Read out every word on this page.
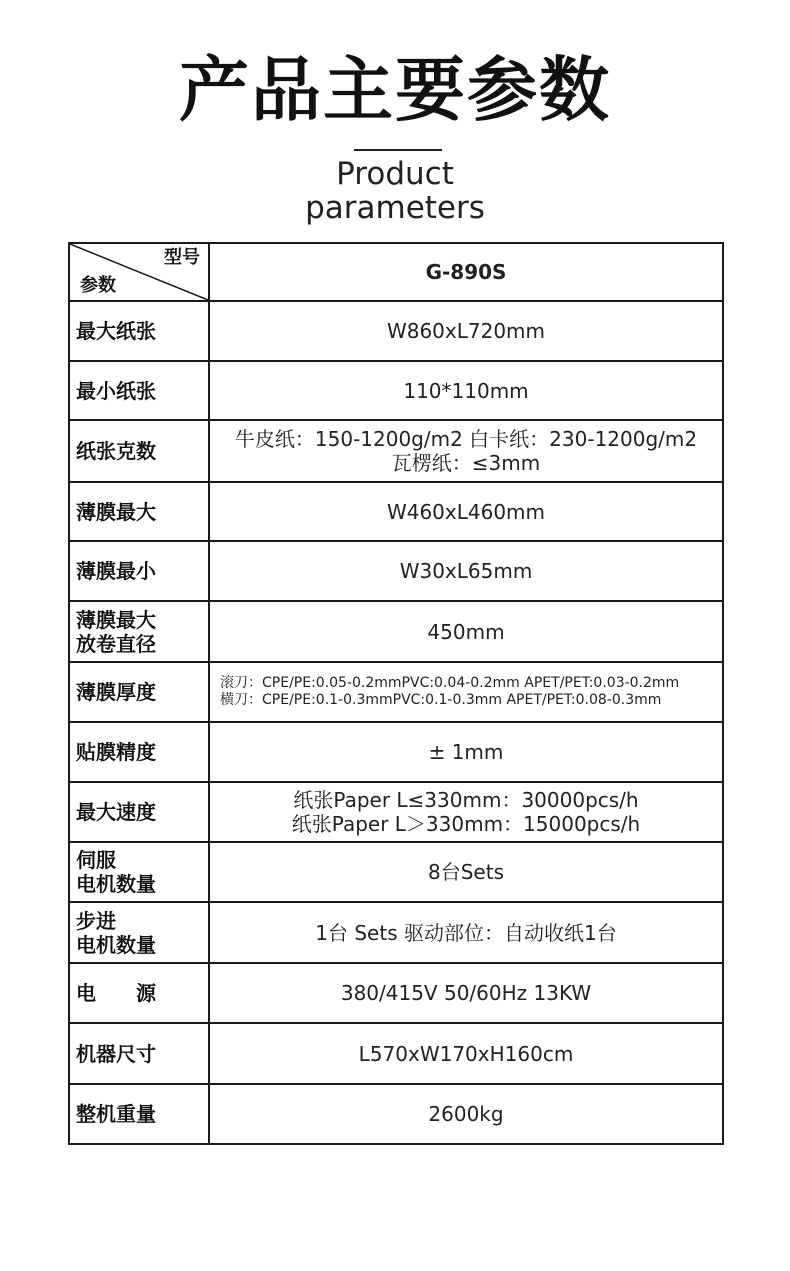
产品主要参数
Product
parameters
型号
参数	G-890S

最大纸张	W860xL720mm

最小纸张	110*110mm

纸张克数	牛皮纸：150-1200g/m2 白卡纸：230-1200g/m2
瓦楞纸：≤3mm

薄膜最大	W460xL460mm

薄膜最小	W30xL65mm

薄膜最大
放卷直径	450mm

薄膜厚度	滚刀：CPE/PE:0.05-0.2mmPVC:0.04-0.2mm APET/PET:0.03-0.2mm
横刀：CPE/PE:0.1-0.3mmPVC:0.1-0.3mm APET/PET:0.08-0.3mm

贴膜精度	± 1mm

最大速度	纸张Paper L≤330mm：30000pcs/h
纸张Paper L＞330mm：15000pcs/h

伺服
电机数量	8台Sets

步进
电机数量	1台 Sets 驱动部位：自动收纸1台

电　　源	380/415V 50/60Hz 13KW

机器尺寸	L570xW170xH160cm

整机重量	2600kg
